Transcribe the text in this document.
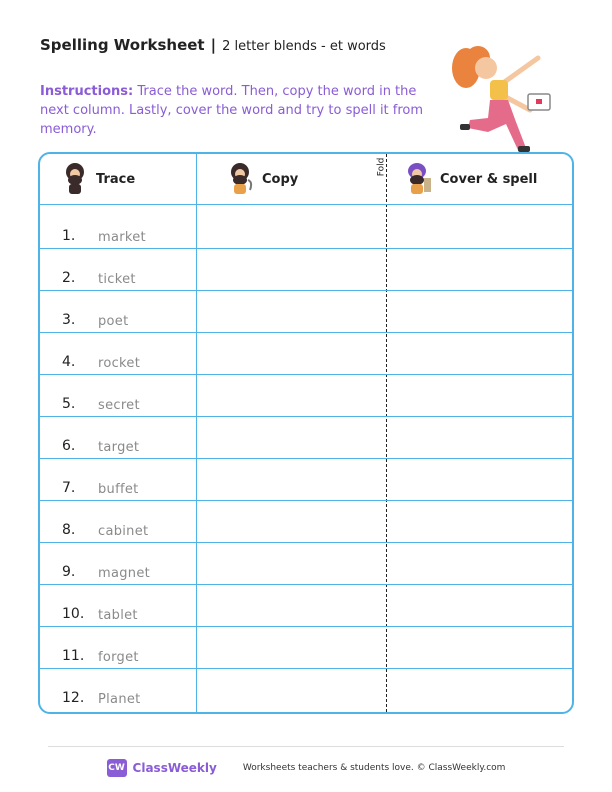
Spelling Worksheet | 2 letter blends - et words
Instructions: Trace the word. Then, copy the word in the next column. Lastly, cover the word and try to spell it from memory.
Trace	Copy
Fold
Cover & spell
1. market
2. ticket
3. poet
4. rocket
5. secret
6. target
7. buffet
8. cabinet
9. magnet
10. tablet
11. forget
12. Planet
CW ClassWeekly	Worksheets teachers & students love. © ClassWeekly.com
